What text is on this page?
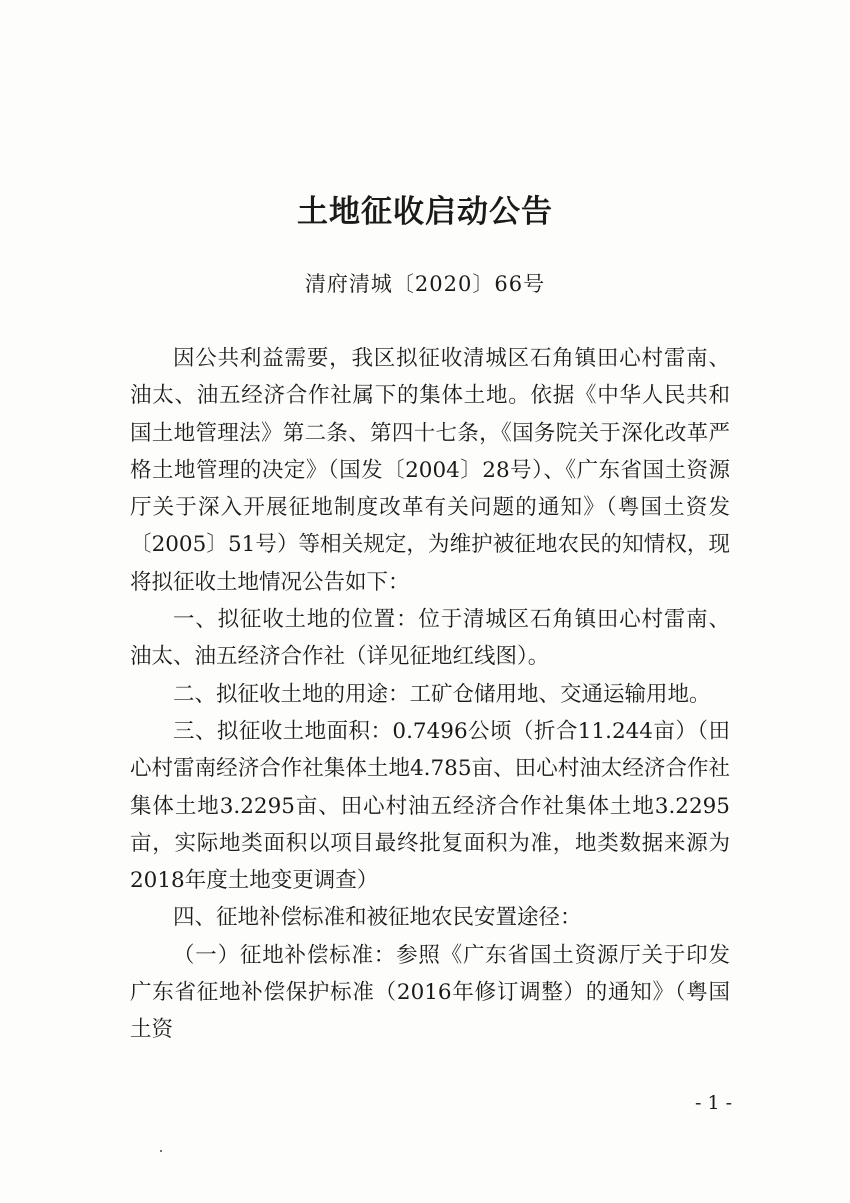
土地征收启动公告

清府清城〔2020〕66号

因公共利益需要，我区拟征收清城区石角镇田心村雷南、油太、油五经济合作社属下的集体土地。依据《中华人民共和国土地管理法》第二条、第四十七条，《国务院关于深化改革严格土地管理的决定》（国发〔2004〕28号）、《广东省国土资源厅关于深入开展征地制度改革有关问题的通知》（粤国土资发〔2005〕51号）等相关规定，为维护被征地农民的知情权，现将拟征收土地情况公告如下：

一、拟征收土地的位置：位于清城区石角镇田心村雷南、油太、油五经济合作社（详见征地红线图）。

二、拟征收土地的用途：工矿仓储用地、交通运输用地。

三、拟征收土地面积：0.7496公顷（折合11.244亩）（田心村雷南经济合作社集体土地4.785亩、田心村油太经济合作社集体土地3.2295亩、田心村油五经济合作社集体土地3.2295亩，实际地类面积以项目最终批复面积为准，地类数据来源为2018年度土地变更调查）

四、征地补偿标准和被征地农民安置途径：

（一）征地补偿标准：参照《广东省国土资源厅关于印发广东省征地补偿保护标准（2016年修订调整）的通知》（粤国土资

- 1 -
